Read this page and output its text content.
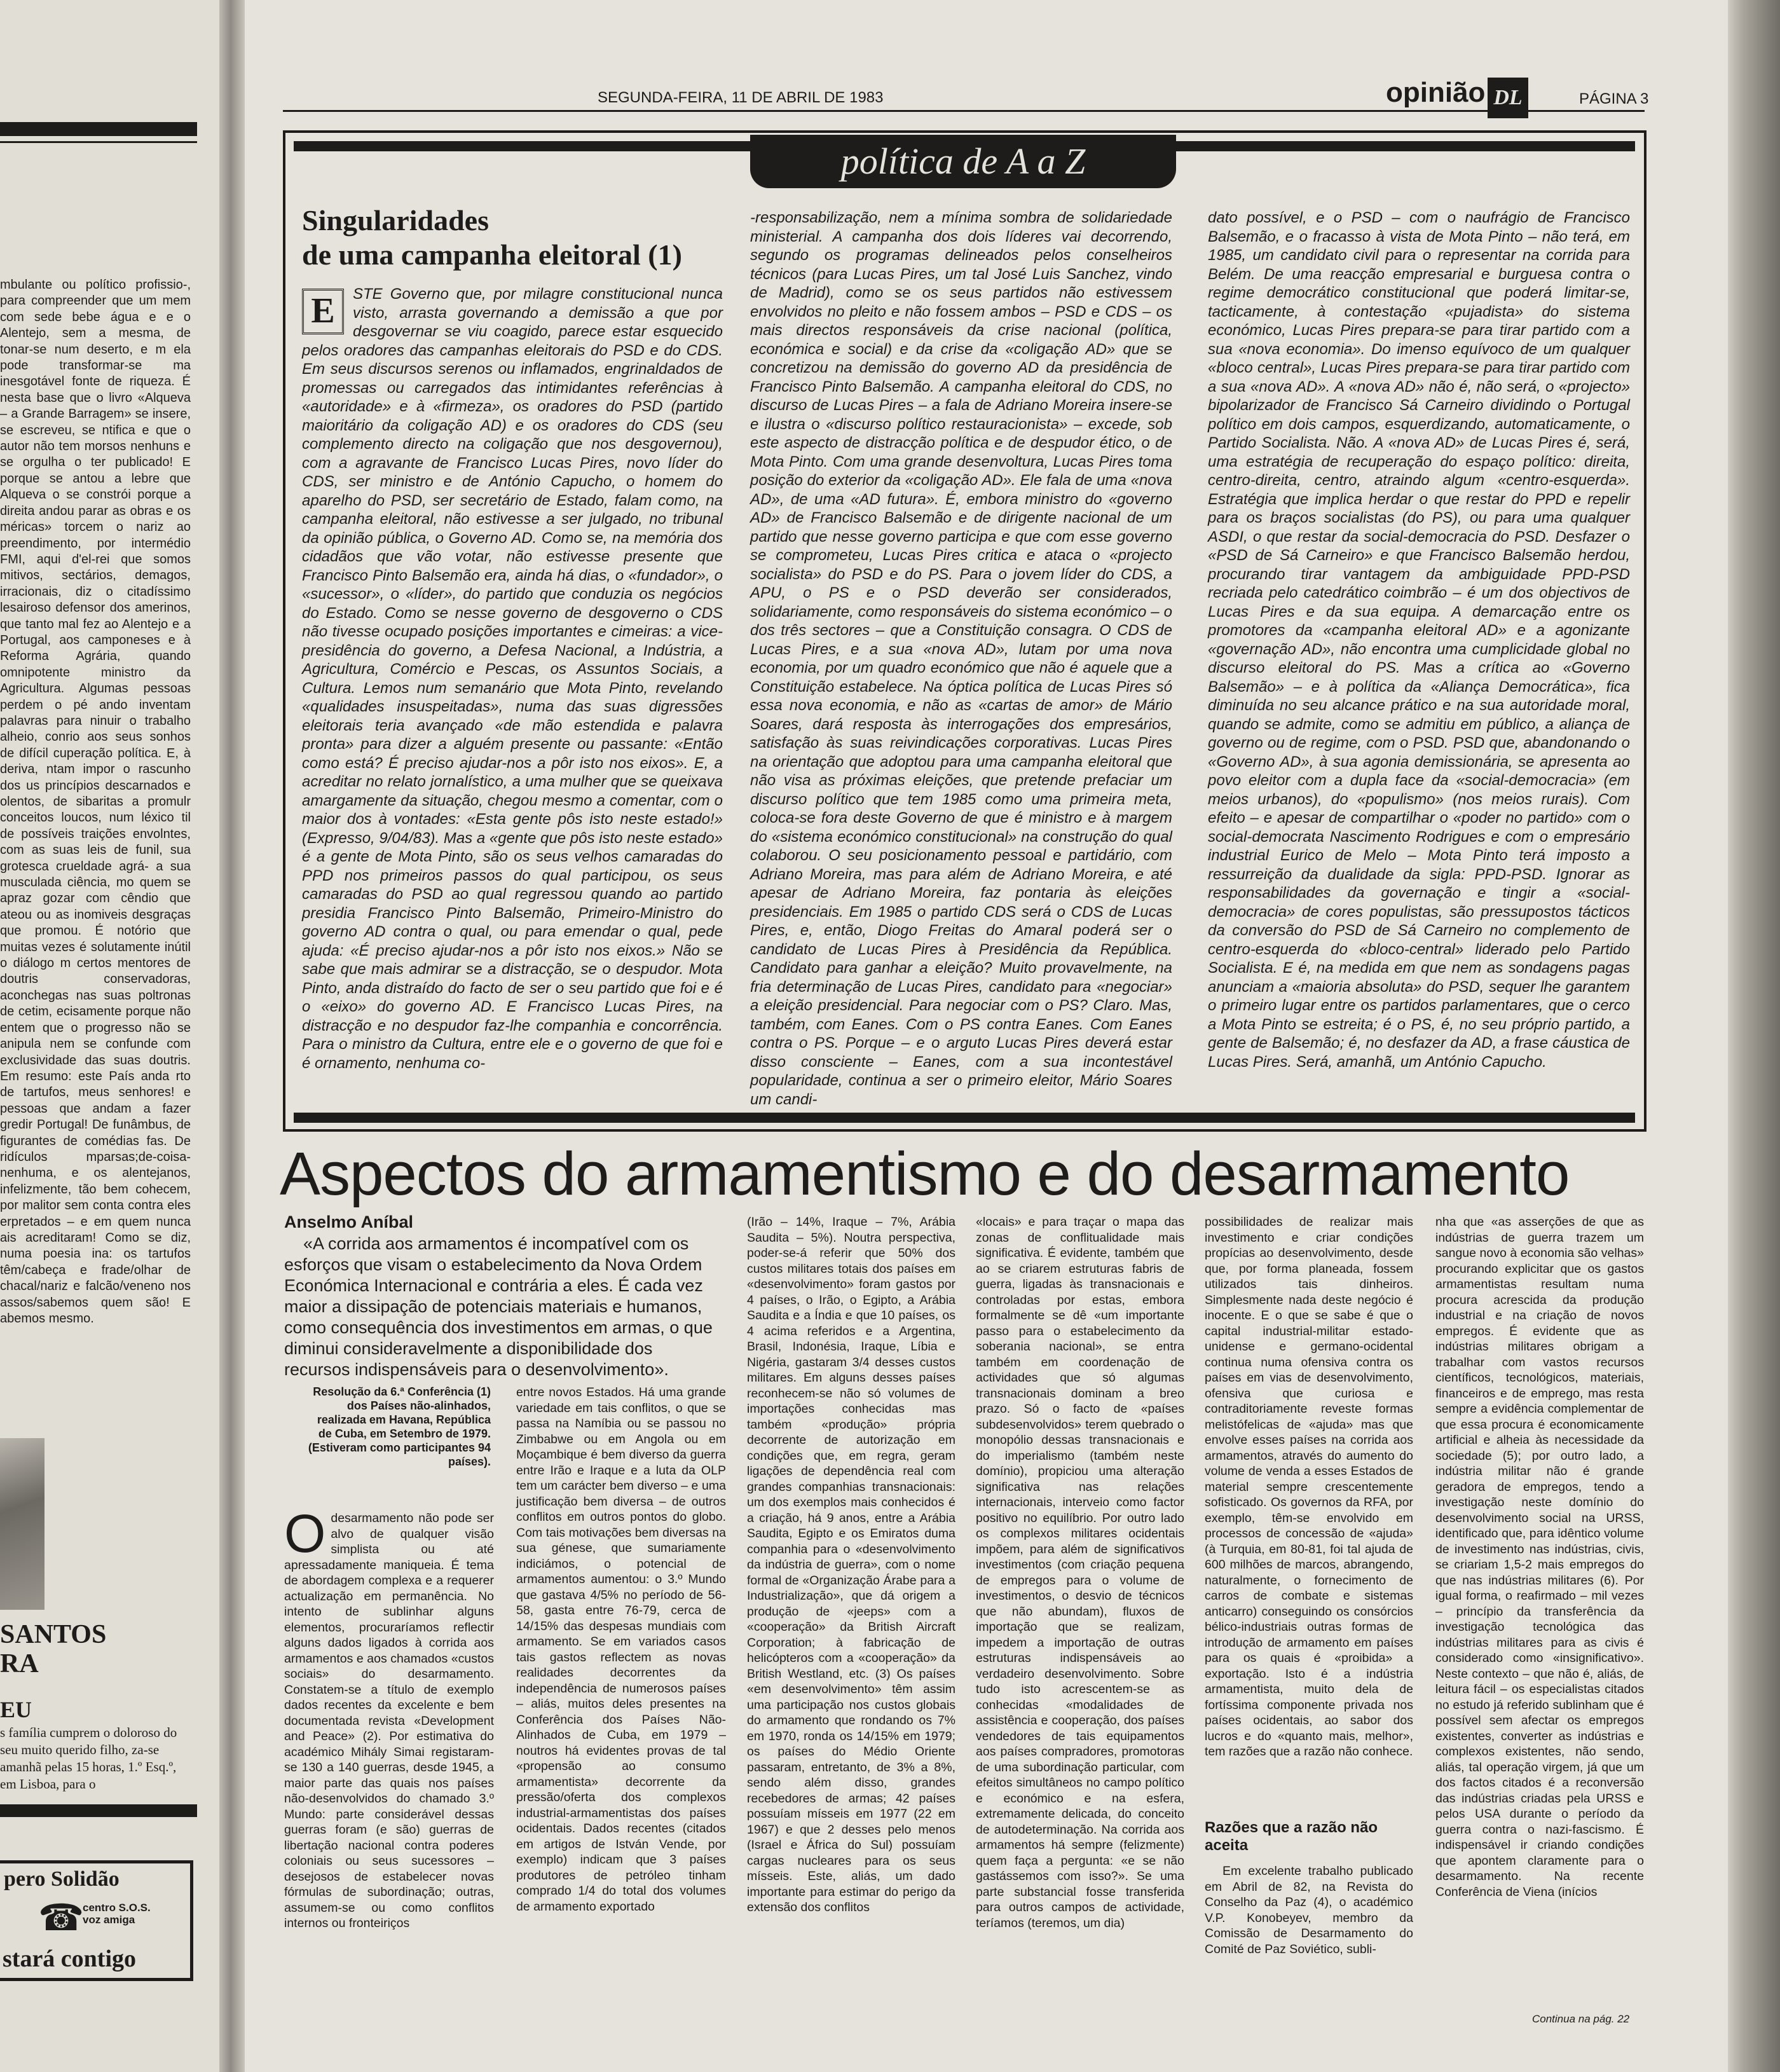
mbulante ou político profissio-, para compreender que um mem com sede bebe água e e o Alentejo, sem a mesma, de tonar-se num deserto, e m ela pode transformar-se ma inesgotável fonte de riqueza. É nesta base que o livro «Alqueva – a Grande Barragem» se insere, se escreveu, se ntifica e que o autor não tem morsos nenhuns e se orgulha o ter publicado! E porque se antou a lebre que Alqueva o se constrói porque a direita andou parar as obras e os méricas» torcem o nariz ao preendimento, por intermédio FMI, aqui d'el-rei que somos mitivos, sectários, demagos, irracionais, diz o citadíssimo lesairoso defensor dos amerinos, que tanto mal fez ao Alentejo e a Portugal, aos camponeses e à Reforma Agrária, quando omnipotente ministro da Agricultura. Algumas pessoas perdem o pé ando inventam palavras para ninuir o trabalho alheio, conrio aos seus sonhos de difícil cuperação política. E, à deriva, ntam impor o rascunho dos us princípios descarnados e olentos, de sibaritas a promulr conceitos loucos, num léxico til de possíveis traições envolntes, com as suas leis de funil, sua grotesca crueldade agrá- a sua musculada ciência, mo quem se apraz gozar com cêndio que ateou ou as inomiveis desgraças que promou. É notório que muitas vezes é solutamente inútil o diálogo m certos mentores de doutris conservadoras, aconchegas nas suas poltronas de cetim, ecisamente porque não entem que o progresso não se anipula nem se confunde com exclusividade das suas doutris. Em resumo: este País anda rto de tartufos, meus senhores! e pessoas que andam a fazer gredir Portugal! De funâmbus, de figurantes de comédias fas. De ridículos mparsas;de-coisa-nenhuma, e os alentejanos, infelizmente, tão bem cohecem, por malitor sem conta contra eles erpretados – e em quem nunca ais acreditaram! Como se diz, numa poesia ina: os tartufos têm/cabeça e frade/olhar de chacal/nariz e falcão/veneno nos assos/sabemos quem são! E abemos mesmo.
SANTOS
RA
EU
s família cumprem o doloroso do seu muito querido filho, za-se amanhã pelas 15 horas, 1.º Esq.º, em Lisboa, para o
pero Solidão
☎
centro S.O.S. voz amiga
stará contigo
SEGUNDA-FEIRA, 11 DE ABRIL DE 1983	opinião DL	PÁGINA 3
política de A a Z
Singularidades
de uma campanha eleitoral (1)
E	STE Governo que, por milagre constitucional nunca visto, arrasta governando a demissão a que por desgovernar se viu coagido, parece estar esquecido pelos oradores das campanhas eleitorais do PSD e do CDS. Em seus discursos serenos ou inflamados, engrinaldados de promessas ou carregados das intimidantes referências à «autoridade» e à «firmeza», os oradores do PSD (partido maioritário da coligação AD) e os oradores do CDS (seu complemento directo na coligação que nos desgovernou), com a agravante de Francisco Lucas Pires, novo líder do CDS, ser ministro e de António Capucho, o homem do aparelho do PSD, ser secretário de Estado, falam como, na campanha eleitoral, não estivesse a ser julgado, no tribunal da opinião pública, o Governo AD. Como se, na memória dos cidadãos que vão votar, não estivesse presente que Francisco Pinto Balsemão era, ainda há dias, o «fundador», o «sucessor», o «líder», do partido que conduzia os negócios do Estado. Como se nesse governo de desgoverno o CDS não tivesse ocupado posições importantes e cimeiras: a vice-presidência do governo, a Defesa Nacional, a Indústria, a Agricultura, Comércio e Pescas, os Assuntos Sociais, a Cultura. Lemos num semanário que Mota Pinto, revelando «qualidades insuspeitadas», numa das suas digressões eleitorais teria avançado «de mão estendida e palavra pronta» para dizer a alguém presente ou passante: «Então como está? É preciso ajudar-nos a pôr isto nos eixos». E, a acreditar no relato jornalístico, a uma mulher que se queixava amargamente da situação, chegou mesmo a comentar, com o maior dos à vontades: «Esta gente pôs isto neste estado!» (Expresso, 9/04/83). Mas a «gente que pôs isto neste estado» é a gente de Mota Pinto, são os seus velhos camaradas do PPD nos primeiros passos do qual participou, os seus camaradas do PSD ao qual regressou quando ao partido presidia Francisco Pinto Balsemão, Primeiro-Ministro do governo AD contra o qual, ou para emendar o qual, pede ajuda: «É preciso ajudar-nos a pôr isto nos eixos.» Não se sabe que mais admirar se a distracção, se o despudor. Mota Pinto, anda distraído do facto de ser o seu partido que foi e é o «eixo» do governo AD. E Francisco Lucas Pires, na distracção e no despudor faz-lhe companhia e concorrência. Para o ministro da Cultura, entre ele e o governo de que foi e é ornamento, nenhuma co-

-responsabilização, nem a mínima sombra de solidariedade ministerial. A campanha dos dois líderes vai decorrendo, segundo os programas delineados pelos conselheiros técnicos (para Lucas Pires, um tal José Luis Sanchez, vindo de Madrid), como se os seus partidos não estivessem envolvidos no pleito e não fossem ambos – PSD e CDS – os mais directos responsáveis da crise nacional (política, económica e social) e da crise da «coligação AD» que se concretizou na demissão do governo AD da presidência de Francisco Pinto Balsemão. A campanha eleitoral do CDS, no discurso de Lucas Pires – a fala de Adriano Moreira insere-se e ilustra o «discurso político restauracionista» – excede, sob este aspecto de distracção política e de despudor ético, o de Mota Pinto. Com uma grande desenvoltura, Lucas Pires toma posição do exterior da «coligação AD». Ele fala de uma «nova AD», de uma «AD futura». É, embora ministro do «governo AD» de Francisco Balsemão e de dirigente nacional de um partido que nesse governo participa e que com esse governo se comprometeu, Lucas Pires critica e ataca o «projecto socialista» do PSD e do PS. Para o jovem líder do CDS, a APU, o PS e o PSD deverão ser considerados, solidariamente, como responsáveis do sistema económico – o dos três sectores – que a Constituição consagra. O CDS de Lucas Pires, e a sua «nova AD», lutam por uma nova economia, por um quadro económico que não é aquele que a Constituição estabelece. Na óptica política de Lucas Pires só essa nova economia, e não as «cartas de amor» de Mário Soares, dará resposta às interrogações dos empresários, satisfação às suas reivindicações corporativas. Lucas Pires na orientação que adoptou para uma campanha eleitoral que não visa as próximas eleições, que pretende prefaciar um discurso político que tem 1985 como uma primeira meta, coloca-se fora deste Governo de que é ministro e à margem do «sistema económico constitucional» na construção do qual colaborou. O seu posicionamento pessoal e partidário, com Adriano Moreira, mas para além de Adriano Moreira, e até apesar de Adriano Moreira, faz pontaria às eleições presidenciais. Em 1985 o partido CDS será o CDS de Lucas Pires, e, então, Diogo Freitas do Amaral poderá ser o candidato de Lucas Pires à Presidência da República. Candidato para ganhar a eleição? Muito provavelmente, na fria determinação de Lucas Pires, candidato para «negociar» a eleição presidencial. Para negociar com o PS? Claro. Mas, também, com Eanes. Com o PS contra Eanes. Com Eanes contra o PS. Porque – e o arguto Lucas Pires deverá estar disso consciente – Eanes, com a sua incontestável popularidade, continua a ser o primeiro eleitor, Mário Soares um candi-

dato possível, e o PSD – com o naufrágio de Francisco Balsemão, e o fracasso à vista de Mota Pinto – não terá, em 1985, um candidato civil para o representar na corrida para Belém. De uma reacção empresarial e burguesa contra o regime democrático constitucional que poderá limitar-se, tacticamente, à contestação «pujadista» do sistema económico, Lucas Pires prepara-se para tirar partido com a sua «nova economia». Do imenso equívoco de um qualquer «bloco central», Lucas Pires prepara-se para tirar partido com a sua «nova AD». A «nova AD» não é, não será, o «projecto» bipolarizador de Francisco Sá Carneiro dividindo o Portugal político em dois campos, esquerdizando, automaticamente, o Partido Socialista. Não. A «nova AD» de Lucas Pires é, será, uma estratégia de recuperação do espaço político: direita, centro-direita, centro, atraindo algum «centro-esquerda». Estratégia que implica herdar o que restar do PPD e repelir para os braços socialistas (do PS), ou para uma qualquer ASDI, o que restar da social-democracia do PSD. Desfazer o «PSD de Sá Carneiro» e que Francisco Balsemão herdou, procurando tirar vantagem da ambiguidade PPD-PSD recriada pelo catedrático coimbrão – é um dos objectivos de Lucas Pires e da sua equipa. A demarcação entre os promotores da «campanha eleitoral AD» e a agonizante «governação AD», não encontra uma cumplicidade global no discurso eleitoral do PS. Mas a crítica ao «Governo Balsemão» – e à política da «Aliança Democrática», fica diminuída no seu alcance prático e na sua autoridade moral, quando se admite, como se admitiu em público, a aliança de governo ou de regime, com o PSD. PSD que, abandonando o «Governo AD», à sua agonia demissionária, se apresenta ao povo eleitor com a dupla face da «social-democracia» (em meios urbanos), do «populismo» (nos meios rurais). Com efeito – e apesar de compartilhar o «poder no partido» com o social-democrata Nascimento Rodrigues e com o empresário industrial Eurico de Melo – Mota Pinto terá imposto a ressurreição da dualidade da sigla: PPD-PSD. Ignorar as responsabilidades da governação e tingir a «social-democracia» de cores populistas, são pressupostos tácticos da conversão do PSD de Sá Carneiro no complemento de centro-esquerda do «bloco-central» liderado pelo Partido Socialista. E é, na medida em que nem as sondagens pagas anunciam a «maioria absoluta» do PSD, sequer lhe garantem o primeiro lugar entre os partidos parlamentares, que o cerco a Mota Pinto se estreita; é o PS, é, no seu próprio partido, a gente de Balsemão; é, no desfazer da AD, a frase cáustica de Lucas Pires. Será, amanhã, um António Capucho.

Aspectos do armamentismo e do desarmamento
Anselmo Aníbal
«A corrida aos armamentos é incompatível com os esforços que visam o estabelecimento da Nova Ordem Económica Internacional e contrária a eles. É cada vez maior a dissipação de potenciais materiais e humanos, como consequência dos investimentos em armas, o que diminui consideravelmente a disponibilidade dos recursos indispensáveis para o desenvolvimento».
Resolução da 6.ª Conferência (1) dos Países não-alinhados, realizada em Havana, República de Cuba, em Setembro de 1979. (Estiveram como participantes 94 países).
O desarmamento não pode ser alvo de qualquer visão simplista ou até apressadamente maniqueia. É tema de abordagem complexa e a requerer actualização em permanência. No intento de sublinhar alguns elementos, procuraríamos reflectir alguns dados ligados à corrida aos armamentos e aos chamados «custos sociais» do desarmamento. Constatem-se a título de exemplo dados recentes da excelente e bem documentada revista «Development and Peace» (2). Por estimativa do académico Mihály Simai registaram-se 130 a 140 guerras, desde 1945, a maior parte das quais nos países não-desenvolvidos do chamado 3.º Mundo: parte considerável dessas guerras foram (e são) guerras de libertação nacional contra poderes coloniais ou seus sucessores – desejosos de estabelecer novas fórmulas de subordinação; outras, assumem-se ou como conflitos internos ou fronteiriços

entre novos Estados. Há uma grande variedade em tais conflitos, o que se passa na Namíbia ou se passou no Zimbabwe ou em Angola ou em Moçambique é bem diverso da guerra entre Irão e Iraque e a luta da OLP tem um carácter bem diverso – e uma justificação bem diversa – de outros conflitos em outros pontos do globo. Com tais motivações bem diversas na sua génese, que sumariamente indiciámos, o potencial de armamentos aumentou: o 3.º Mundo que gastava 4/5% no período de 56-58, gasta entre 76-79, cerca de 14/15% das despesas mundiais com armamento. Se em variados casos tais gastos reflectem as novas realidades decorrentes da independência de numerosos países – aliás, muitos deles presentes na Conferência dos Países Não-Alinhados de Cuba, em 1979 – noutros há evidentes provas de tal «propensão ao consumo armamentista» decorrente da pressão/oferta dos complexos industrial-armamentistas dos países ocidentais. Dados recentes (citados em artigos de István Vende, por exemplo) indicam que 3 países produtores de petróleo tinham comprado 1/4 do total dos volumes de armamento exportado

(Irão – 14%, Iraque – 7%, Arábia Saudita – 5%). Noutra perspectiva, poder-se-á referir que 50% dos custos militares totais dos países em «desenvolvimento» foram gastos por 4 países, o Irão, o Egipto, a Arábia Saudita e a Índia e que 10 países, os 4 acima referidos e a Argentina, Brasil, Indonésia, Iraque, Líbia e Nigéria, gastaram 3/4 desses custos militares. Em alguns desses países reconhecem-se não só volumes de importações conhecidas mas também «produção» própria decorrente de autorização em condições que, em regra, geram ligações de dependência real com grandes companhias transnacionais: um dos exemplos mais conhecidos é a criação, há 9 anos, entre a Arábia Saudita, Egipto e os Emiratos duma companhia para o «desenvolvimento da indústria de guerra», com o nome formal de «Organização Árabe para a Industrialização», que dá origem a produção de «jeeps» com a «cooperação» da British Aircraft Corporation; à fabricação de helicópteros com a «cooperação» da British Westland, etc. (3) Os países «em desenvolvimento» têm assim uma participação nos custos globais do armamento que rondando os 7% em 1970, ronda os 14/15% em 1979; os países do Médio Oriente passaram, entretanto, de 3% a 8%, sendo além disso, grandes recebedores de armas; 42 países possuíam mísseis em 1977 (22 em 1967) e que 2 desses pelo menos (Israel e África do Sul) possuíam cargas nucleares para os seus mísseis. Este, aliás, um dado importante para estimar do perigo da extensão dos conflitos

«locais» e para traçar o mapa das zonas de conflitualidade mais significativa. É evidente, também que ao se criarem estruturas fabris de guerra, ligadas às transnacionais e controladas por estas, embora formalmente se dê «um importante passo para o estabelecimento da soberania nacional», se entra também em coordenação de actividades que só algumas transnacionais dominam a breo prazo. Só o facto de «países subdesenvolvidos» terem quebrado o monopólio dessas transnacionais e do imperialismo (também neste domínio), propiciou uma alteração significativa nas relações internacionais, interveio como factor positivo no equilíbrio. Por outro lado os complexos militares ocidentais impõem, para além de significativos investimentos (com criação pequena de empregos para o volume de investimentos, o desvio de técnicos que não abundam), fluxos de importação que se realizam, impedem a importação de outras estruturas indispensáveis ao verdadeiro desenvolvimento. Sobre tudo isto acrescentem-se as conhecidas «modalidades de assistência e cooperação, dos países vendedores de tais equipamentos aos países compradores, promotoras de uma subordinação particular, com efeitos simultâneos no campo político e económico e na esfera, extremamente delicada, do conceito de autodeterminação. Na corrida aos armamentos há sempre (felizmente) quem faça a pergunta: «e se não gastássemos com isso?». Se uma parte substancial fosse transferida para outros campos de actividade, teríamos (teremos, um dia)

possibilidades de realizar mais investimento e criar condições propícias ao desenvolvimento, desde que, por forma planeada, fossem utilizados tais dinheiros. Simplesmente nada deste negócio é inocente. E o que se sabe é que o capital industrial-militar estado-unidense e germano-ocidental continua numa ofensiva contra os países em vias de desenvolvimento, ofensiva que curiosa e contraditoriamente reveste formas melistófelicas de «ajuda» mas que envolve esses países na corrida aos armamentos, através do aumento do volume de venda a esses Estados de material sempre crescentemente sofisticado. Os governos da RFA, por exemplo, têm-se envolvido em processos de concessão de «ajuda» (à Turquia, em 80-81, foi tal ajuda de 600 milhões de marcos, abrangendo, naturalmente, o fornecimento de carros de combate e sistemas anticarro) conseguindo os consórcios bélico-industriais outras formas de introdução de armamento em países para os quais é «proibida» a exportação. Isto é a indústria armamentista, muito dela de fortíssima componente privada nos países ocidentais, ao sabor dos lucros e do «quanto mais, melhor», tem razões que a razão não conhece.

Razões que a razão não aceita

Em excelente trabalho publicado em Abril de 82, na Revista do Conselho da Paz (4), o académico V.P. Konobeyev, membro da Comissão de Desarmamento do Comité de Paz Soviético, subli-

nha que «as asserções de que as indústrias de guerra trazem um sangue novo à economia são velhas» procurando explicitar que os gastos armamentistas resultam numa procura acrescida da produção industrial e na criação de novos empregos. É evidente que as indústrias militares obrigam a trabalhar com vastos recursos científicos, tecnológicos, materiais, financeiros e de emprego, mas resta sempre a evidência complementar de que essa procura é economicamente artificial e alheia às necessidade da sociedade (5); por outro lado, a indústria militar não é grande geradora de empregos, tendo a investigação neste domínio do desenvolvimento social na URSS, identificado que, para idêntico volume de investimento nas indústrias, civis, se criariam 1,5-2 mais empregos do que nas indústrias militares (6). Por igual forma, o reafirmado – mil vezes – princípio da transferência da investigação tecnológica das indústrias militares para as civis é considerado como «insignificativo». Neste contexto – que não é, aliás, de leitura fácil – os especialistas citados no estudo já referido sublinham que é possível sem afectar os empregos existentes, converter as indústrias e complexos existentes, não sendo, aliás, tal operação virgem, já que um dos factos citados é a reconversão das indústrias criadas pela URSS e pelos USA durante o período da guerra contra o nazi-fascismo. É indispensável ir criando condições que apontem claramente para o desarmamento. Na recente Conferência de Viena (inícios

Continua na pág. 22
